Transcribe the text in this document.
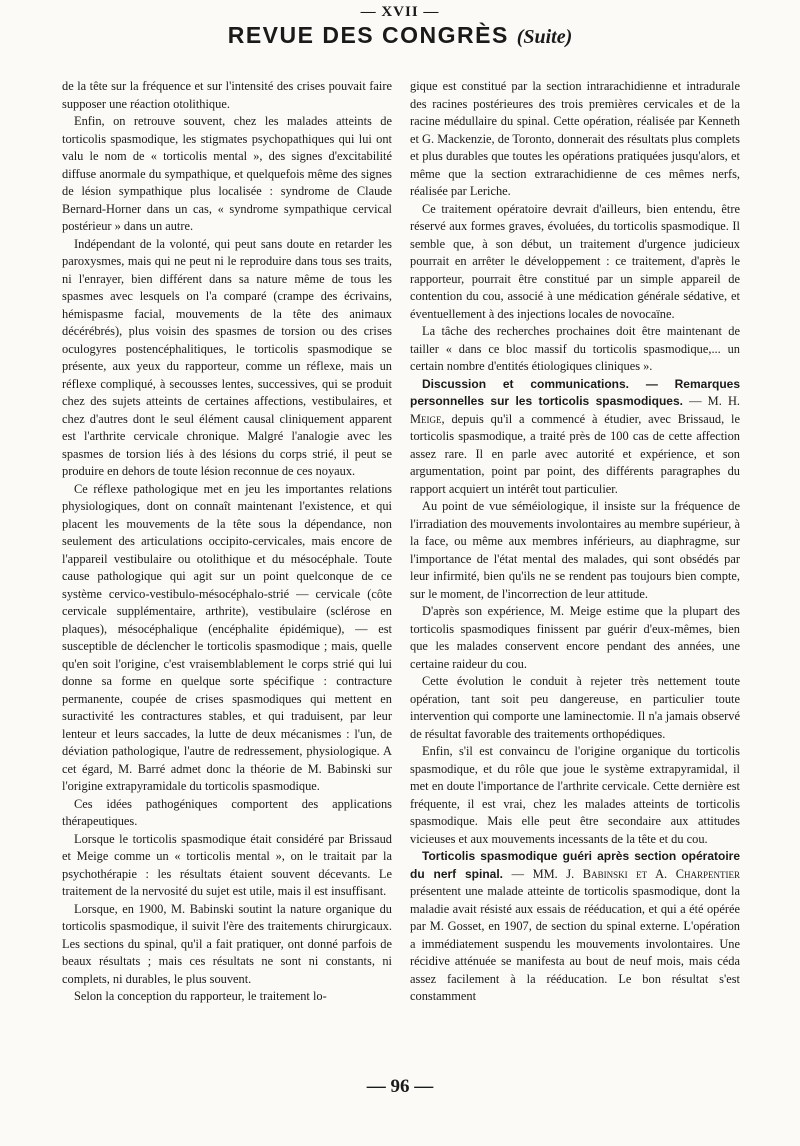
— XVII —
REVUE DES CONGRÈS (Suite)

de la tête sur la fréquence et sur l'intensité des crises pouvait faire supposer une réaction otolithique.

Enfin, on retrouve souvent, chez les malades atteints de torticolis spasmodique, les stigmates psychopathiques qui lui ont valu le nom de « torticolis mental », des signes d'excitabilité diffuse anormale du sympathique, et quelquefois même des signes de lésion sympathique plus localisée : syndrome de Claude Bernard-Horner dans un cas, « syndrome sympathique cervical postérieur » dans un autre.

Indépendant de la volonté, qui peut sans doute en retarder les paroxysmes, mais qui ne peut ni le reproduire dans tous ses traits, ni l'enrayer, bien différent dans sa nature même de tous les spasmes avec lesquels on l'a comparé (crampe des écrivains, hémispasme facial, mouvements de la tête des animaux décérébrés), plus voisin des spasmes de torsion ou des crises oculogyres postencéphalitiques, le torticolis spasmodique se présente, aux yeux du rapporteur, comme un réflexe, mais un réflexe compliqué, à secousses lentes, successives, qui se produit chez des sujets atteints de certaines affections, vestibulaires, et chez d'autres dont le seul élément causal cliniquement apparent est l'arthrite cervicale chronique. Malgré l'analogie avec les spasmes de torsion liés à des lésions du corps strié, il peut se produire en dehors de toute lésion reconnue de ces noyaux.

Ce réflexe pathologique met en jeu les importantes relations physiologiques, dont on connaît maintenant l'existence, et qui placent les mouvements de la tête sous la dépendance, non seulement des articulations occipito-cervicales, mais encore de l'appareil vestibulaire ou otolithique et du mésocéphale. Toute cause pathologique qui agit sur un point quelconque de ce système cervico-vestibulo-mésocéphalo-strié — cervicale (côte cervicale supplémentaire, arthrite), vestibulaire (sclérose en plaques), mésocéphalique (encéphalite épidémique), — est susceptible de déclencher le torticolis spasmodique ; mais, quelle qu'en soit l'origine, c'est vraisemblablement le corps strié qui lui donne sa forme en quelque sorte spécifique : contracture permanente, coupée de crises spasmodiques qui mettent en suractivité les contractures stables, et qui traduisent, par leur lenteur et leurs saccades, la lutte de deux mécanismes : l'un, de déviation pathologique, l'autre de redressement, physiologique. A cet égard, M. Barré admet donc la théorie de M. Babinski sur l'origine extrapyramidale du torticolis spasmodique.

Ces idées pathogéniques comportent des applications thérapeutiques.

Lorsque le torticolis spasmodique était considéré par Brissaud et Meige comme un « torticolis mental », on le traitait par la psychothérapie : les résultats étaient souvent décevants. Le traitement de la nervosité du sujet est utile, mais il est insuffisant.

Lorsque, en 1900, M. Babinski soutint la nature organique du torticolis spasmodique, il suivit l'ère des traitements chirurgicaux. Les sections du spinal, qu'il a fait pratiquer, ont donné parfois de beaux résultats ; mais ces résultats ne sont ni constants, ni complets, ni durables, le plus souvent.

Selon la conception du rapporteur, le traitement lo-

gique est constitué par la section intrarachidienne et intradurale des racines postérieures des trois premières cervicales et de la racine médullaire du spinal. Cette opération, réalisée par Kenneth et G. Mackenzie, de Toronto, donnerait des résultats plus complets et plus durables que toutes les opérations pratiquées jusqu'alors, et même que la section extrarachidienne de ces mêmes nerfs, réalisée par Leriche.

Ce traitement opératoire devrait d'ailleurs, bien entendu, être réservé aux formes graves, évoluées, du torticolis spasmodique. Il semble que, à son début, un traitement d'urgence judicieux pourrait en arrêter le développement : ce traitement, d'après le rapporteur, pourrait être constitué par un simple appareil de contention du cou, associé à une médication générale sédative, et éventuellement à des injections locales de novocaïne.

La tâche des recherches prochaines doit être maintenant de tailler « dans ce bloc massif du torticolis spasmodique,... un certain nombre d'entités étiologiques cliniques ».

Discussion et communications. — Remarques personnelles sur les torticolis spasmodiques. — M. H. Meige, depuis qu'il a commencé à étudier, avec Brissaud, le torticolis spasmodique, a traité près de 100 cas de cette affection assez rare. Il en parle avec autorité et expérience, et son argumentation, point par point, des différents paragraphes du rapport acquiert un intérêt tout particulier.

Au point de vue séméiologique, il insiste sur la fréquence de l'irradiation des mouvements involontaires au membre supérieur, à la face, ou même aux membres inférieurs, au diaphragme, sur l'importance de l'état mental des malades, qui sont obsédés par leur infirmité, bien qu'ils ne se rendent pas toujours bien compte, sur le moment, de l'incorrection de leur attitude.

D'après son expérience, M. Meige estime que la plupart des torticolis spasmodiques finissent par guérir d'eux-mêmes, bien que les malades conservent encore pendant des années, une certaine raideur du cou.

Cette évolution le conduit à rejeter très nettement toute opération, tant soit peu dangereuse, en particulier toute intervention qui comporte une laminectomie. Il n'a jamais observé de résultat favorable des traitements orthopédiques.

Enfin, s'il est convaincu de l'origine organique du torticolis spasmodique, et du rôle que joue le système extrapyramidal, il met en doute l'importance de l'arthrite cervicale. Cette dernière est fréquente, il est vrai, chez les malades atteints de torticolis spasmodique. Mais elle peut être secondaire aux attitudes vicieuses et aux mouvements incessants de la tête et du cou.

Torticolis spasmodique guéri après section opératoire du nerf spinal. — MM. J. Babinski et A. Charpentier présentent une malade atteinte de torticolis spasmodique, dont la maladie avait résisté aux essais de rééducation, et qui a été opérée par M. Gosset, en 1907, de section du spinal externe. L'opération a immédiatement suspendu les mouvements involontaires. Une récidive atténuée se manifesta au bout de neuf mois, mais céda assez facilement à la rééducation. Le bon résultat s'est constamment

— 96 —
